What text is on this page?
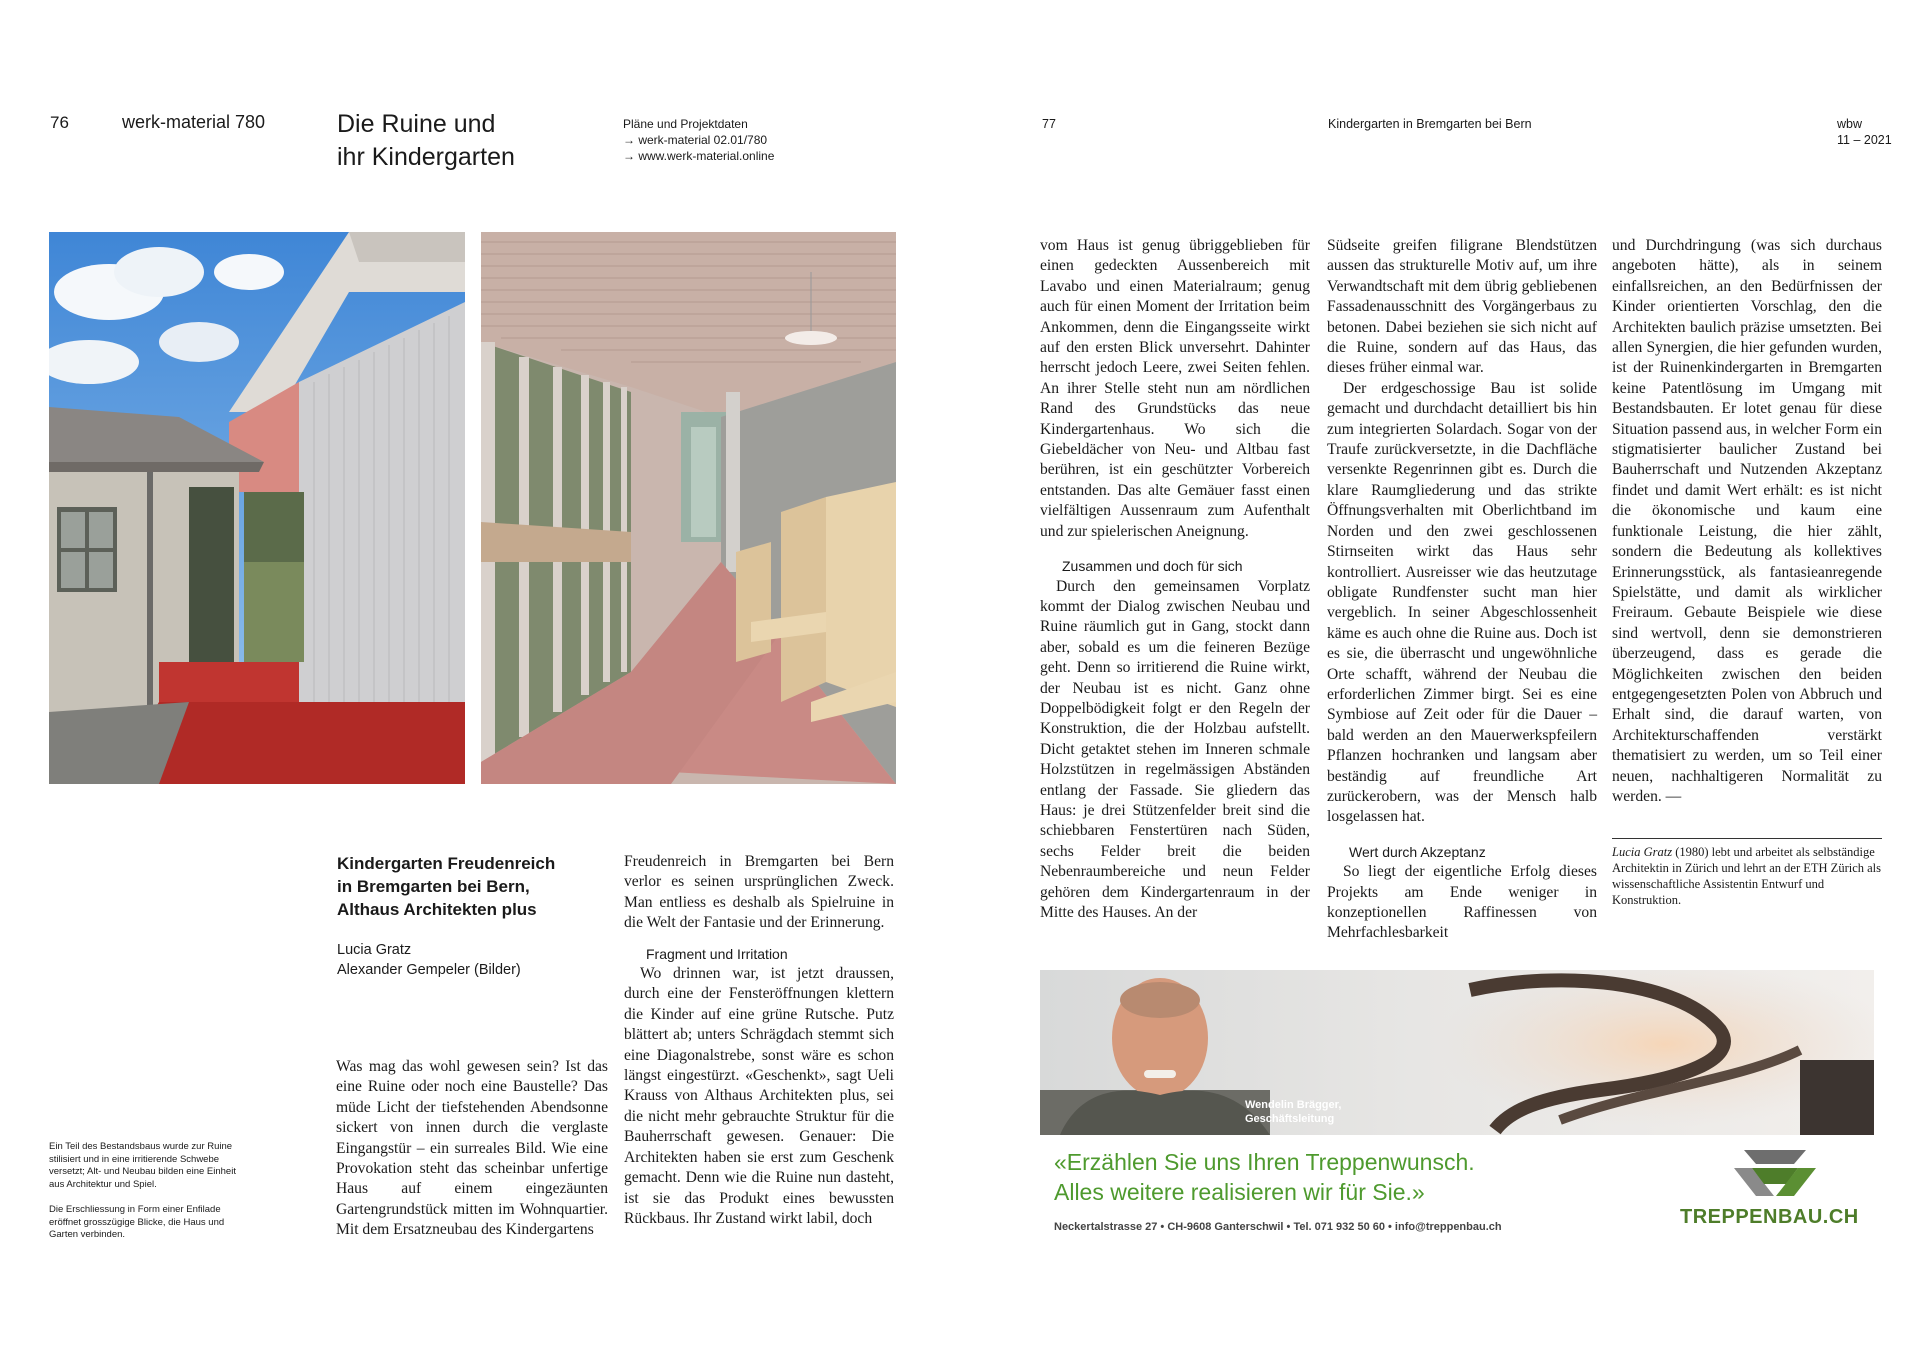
76	werk-material 780	Die Ruine und
ihr Kindergarten
Pläne und Projektdaten
→ werk-material 02.01/780
→ www.werk-material.online
Kindergarten Freudenreich
in Bremgarten bei Bern,
Althaus Architekten plus
Lucia Gratz
Alexander Gempeler (Bilder)

Ein Teil des Bestandsbaus wurde zur Ruine stilisiert und in eine irritierende Schwebe versetzt; Alt- und Neubau bilden eine Einheit aus Architektur und Spiel.

Die Erschliessung in Form einer Enfilade eröffnet grosszügige Blicke, die Haus und Garten verbinden.

Was mag das wohl gewesen sein? Ist das eine Ruine oder noch eine Baustelle? Das müde Licht der tiefstehenden Abendsonne sickert von innen durch die verglaste Eingangstür – ein surreales Bild. Wie eine Provokation steht das scheinbar unfertige Haus auf einem eingezäunten Gartengrundstück mitten im Wohnquartier. Mit dem Ersatzneubau des Kindergartens

Freudenreich in Bremgarten bei Bern verlor es seinen ursprünglichen Zweck. Man entliess es deshalb als Spielruine in die Welt der Fantasie und der Erinnerung.

Fragment und Irritation

Wo drinnen war, ist jetzt draussen, durch eine der Fensteröffnungen klettern die Kinder auf eine grüne Rutsche. Putz blättert ab; unters Schrägdach stemmt sich eine Diagonalstrebe, sonst wäre es schon längst eingestürzt. «Geschenkt», sagt Ueli Krauss von Althaus Architekten plus, sei die nicht mehr gebrauchte Struktur für die Bauherrschaft gewesen. Genauer: Die Architekten haben sie erst zum Geschenk gemacht. Denn wie die Ruine nun dasteht, ist sie das Produkt eines bewussten Rückbaus. Ihr Zustand wirkt labil, doch

77	Kindergarten in Bremgarten bei Bern	wbw
11 – 2021

vom Haus ist genug übriggeblieben für einen gedeckten Aussenbereich mit Lavabo und einen Materialraum; genug auch für einen Moment der Irritation beim Ankommen, denn die Eingangsseite wirkt auf den ersten Blick unversehrt. Dahinter herrscht jedoch Leere, zwei Seiten fehlen. An ihrer Stelle steht nun am nördlichen Rand des Grundstücks das neue Kindergartenhaus. Wo sich die Giebeldächer von Neu- und Altbau fast berühren, ist ein geschützter Vorbereich entstanden. Das alte Gemäuer fasst einen vielfältigen Aussenraum zum Aufenthalt und zur spielerischen Aneignung.

Zusammen und doch für sich

Durch den gemeinsamen Vorplatz kommt der Dialog zwischen Neubau und Ruine räumlich gut in Gang, stockt dann aber, sobald es um die feineren Bezüge geht. Denn so irritierend die Ruine wirkt, der Neubau ist es nicht. Ganz ohne Doppelbödigkeit folgt er den Regeln der Konstruktion, die der Holzbau aufstellt. Dicht getaktet stehen im Inneren schmale Holzstützen in regelmässigen Abständen entlang der Fassade. Sie gliedern das Haus: je drei Stützenfelder breit sind die schiebbaren Fenstertüren nach Süden, sechs Felder breit die beiden Nebenraumbereiche und neun Felder gehören dem Kindergartenraum in der Mitte des Hauses. An der

Südseite greifen filigrane Blendstützen aussen das strukturelle Motiv auf, um ihre Verwandtschaft mit dem übrig gebliebenen Fassadenausschnitt des Vorgängerbaus zu betonen. Dabei beziehen sie sich nicht auf die Ruine, sondern auf das Haus, das dieses früher einmal war.

Der erdgeschossige Bau ist solide gemacht und durchdacht detailliert bis hin zum integrierten Solardach. Sogar von der Traufe zurückversetzte, in die Dachfläche versenkte Regenrinnen gibt es. Durch die klare Raumgliederung und das strikte Öffnungsverhalten mit Oberlichtband im Norden und den zwei geschlossenen Stirnseiten wirkt das Haus sehr kontrolliert. Ausreisser wie das heutzutage obligate Rundfenster sucht man hier vergeblich. In seiner Abgeschlossenheit käme es auch ohne die Ruine aus. Doch ist es sie, die überrascht und ungewöhnliche Orte schafft, während der Neubau die erforderlichen Zimmer birgt. Sei es eine Symbiose auf Zeit oder für die Dauer – bald werden an den Mauerwerkspfeilern Pflanzen hochranken und langsam aber beständig auf freundliche Art zurückerobern, was der Mensch halb losgelassen hat.

Wert durch Akzeptanz

So liegt der eigentliche Erfolg dieses Projekts am Ende weniger in konzeptionellen Raffinessen von Mehrfachlesbarkeit

und Durchdringung (was sich durchaus angeboten hätte), als in seinem einfallsreichen, an den Bedürfnissen der Kinder orientierten Vorschlag, den die Architekten baulich präzise umsetzten. Bei allen Synergien, die hier gefunden wurden, ist der Ruinenkindergarten in Bremgarten keine Patentlösung im Umgang mit Bestandsbauten. Er lotet genau für diese Situation passend aus, in welcher Form ein stigmatisierter baulicher Zustand bei Bauherrschaft und Nutzenden Akzeptanz findet und damit Wert erhält: es ist nicht die ökonomische und kaum eine funktionale Leistung, die hier zählt, sondern die Bedeutung als kollektives Erinnerungsstück, als fantasieanregende Spielstätte, und damit als wirklicher Freiraum. Gebaute Beispiele wie diese sind wertvoll, denn sie demonstrieren überzeugend, dass es gerade die Möglichkeiten zwischen den beiden entgegengesetzten Polen von Abbruch und Erhalt sind, die darauf warten, von Architekturschaffenden verstärkt thematisiert zu werden, um so Teil einer neuen, nachhaltigeren Normalität zu werden. —

Lucia Gratz (1980) lebt und arbeitet als selbständige Architektin in Zürich und lehrt an der ETH Zürich als wissenschaftliche Assistentin Entwurf und Konstruktion.
Wendelin Brägger,
Geschäftsleitung
«Erzählen Sie uns Ihren Treppenwunsch.
Alles weitere realisieren wir für Sie.»
Neckertalstrasse 27 • CH-9608 Ganterschwil • Tel. 071 932 50 60 • info@treppenbau.ch	TREPPENBAU.CH
